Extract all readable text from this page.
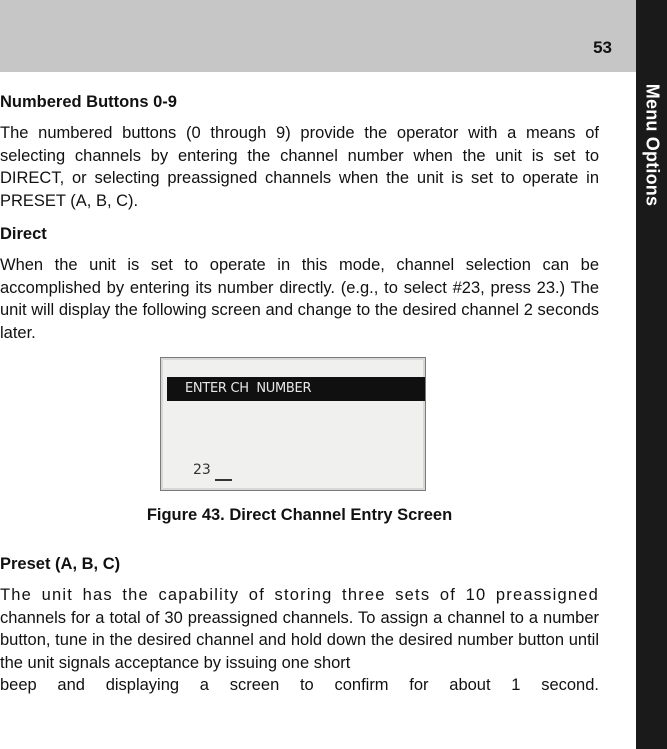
53
Menu Options
Numbered Buttons 0-9

The numbered buttons (0 through 9) provide the operator with a means of selecting channels by entering the channel number when the unit is set to DIRECT, or selecting preassigned channels when the unit is set to operate in PRESET (A, B, C).

Direct

When the unit is set to operate in this mode, channel selection can be accomplished by entering its number directly. (e.g., to select #23, press 23.) The unit will display the following screen and change to the desired channel 2 seconds later.

ENTER CH  NUMBER
23
Figure 43. Direct Channel Entry Screen
Preset (A, B, C)

The unit has the capability of storing three sets of 10 preassigned
channels for a total of 30 preassigned channels. To assign a channel to a number button, tune in the desired channel and hold down the desired number button until the unit signals acceptance by issuing one short
beep and displaying a screen to confirm for about 1 second.
